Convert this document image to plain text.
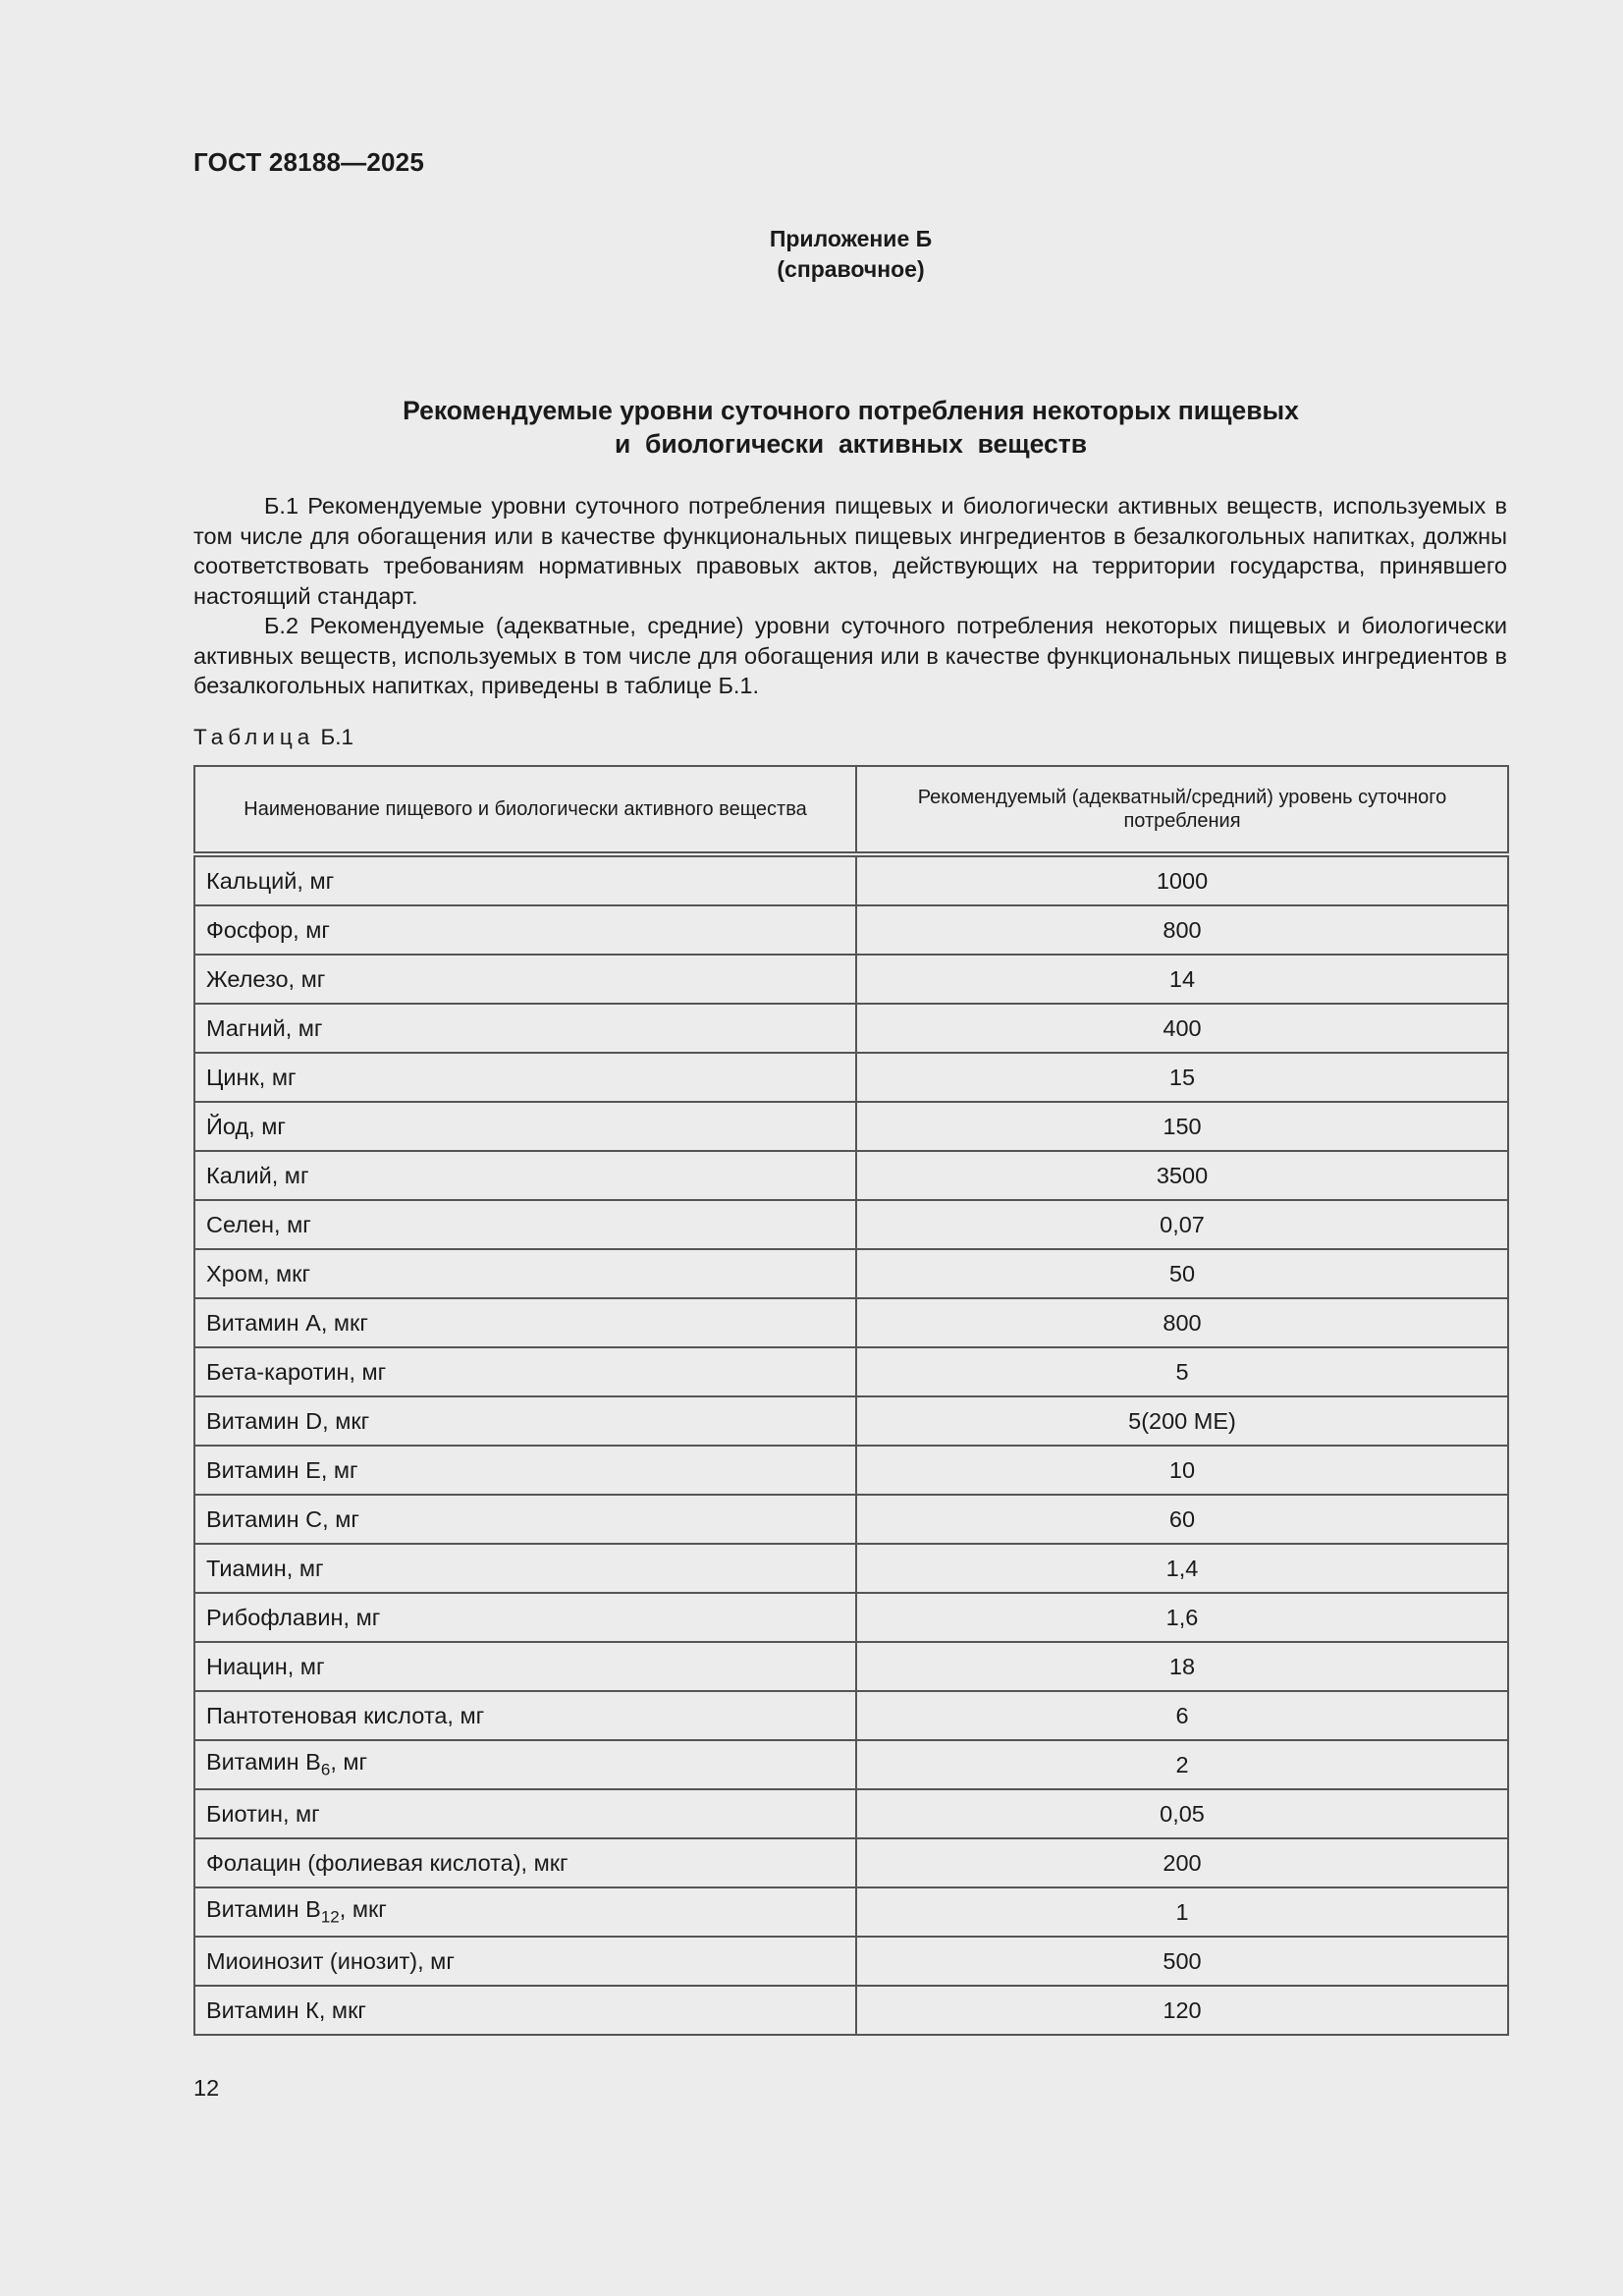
ГОСТ 28188—2025
Приложение Б
(справочное)
Рекомендуемые уровни суточного потребления некоторых пищевых
и  биологически  активных  веществ

Б.1 Рекомендуемые уровни суточного потребления пищевых и биологически активных веществ, используемых в том числе для обогащения или в качестве функциональных пищевых ингредиентов в безалкогольных напитках, должны соответствовать требованиям нормативных правовых актов, действующих на территории государства, принявшего настоящий стандарт.

Б.2 Рекомендуемые (адекватные, средние) уровни суточного потребления некоторых пищевых и биологически активных веществ, используемых в том числе для обогащения или в качестве функциональных пищевых ингредиентов в безалкогольных напитках, приведены в таблице Б.1.

Таблица Б.1
Наименование пищевого и биологически активного вещества	Рекомендуемый (адекватный/средний) уровень суточного потребления
Кальций, мг	1000
Фосфор, мг	800
Железо, мг	14
Магний, мг	400
Цинк, мг	15
Йод, мг	150
Калий, мг	3500
Селен, мг	0,07
Хром, мкг	50
Витамин А, мкг	800
Бета-каротин, мг	5
Витамин D, мкг	5(200 МЕ)
Витамин Е, мг	10
Витамин С, мг	60
Тиамин, мг	1,4
Рибофлавин, мг	1,6
Ниацин, мг	18
Пантотеновая кислота, мг	6
Витамин $B_6$, мг	2
Биотин, мг	0,05
Фолацин (фолиевая кислота), мкг	200
Витамин $B_{12}$, мкг	1
Миоинозит (инозит), мг	500
Витамин К, мкг	120
12
